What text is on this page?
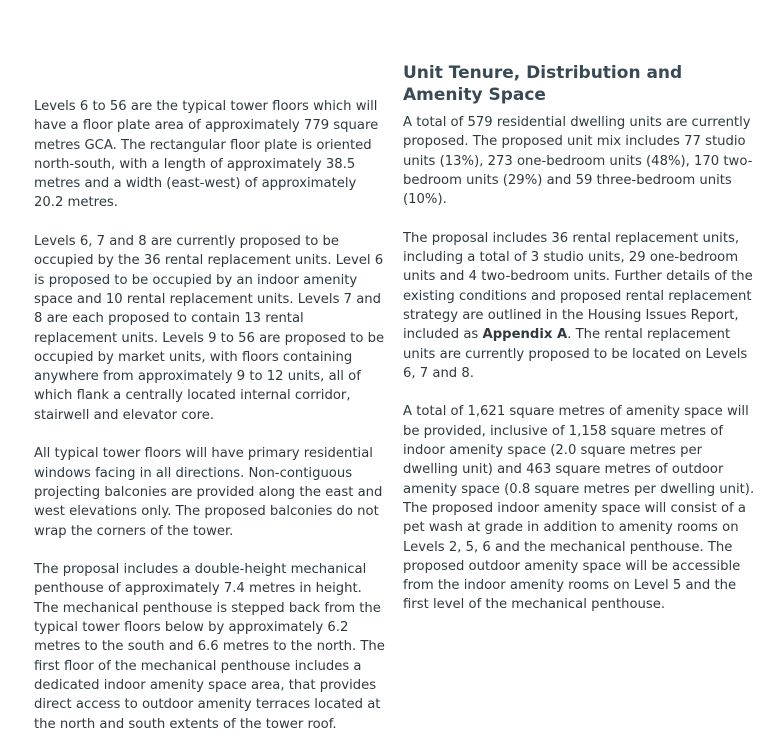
Levels 6 to 56 are the typical tower floors which will have a floor plate area of approximately 779 square metres GCA. The rectangular floor plate is oriented north-south, with a length of approximately 38.5 metres and a width (east-west) of approximately 20.2 metres.

Levels 6, 7 and 8 are currently proposed to be occupied by the 36 rental replacement units. Level 6 is proposed to be occupied by an indoor amenity space and 10 rental replacement units. Levels 7 and 8 are each proposed to contain 13 rental replacement units. Levels 9 to 56 are proposed to be occupied by market units, with floors containing anywhere from approximately 9 to 12 units, all of which flank a centrally located internal corridor, stairwell and elevator core.

All typical tower floors will have primary residential windows facing in all directions. Non-contiguous projecting balconies are provided along the east and west elevations only. The proposed balconies do not wrap the corners of the tower.

The proposal includes a double-height mechanical penthouse of approximately 7.4 metres in height. The mechanical penthouse is stepped back from the typical tower floors below by approximately 6.2 metres to the south and 6.6 metres to the north. The first floor of the mechanical penthouse includes a dedicated indoor amenity space area, that provides direct access to outdoor amenity terraces located at the north and south extents of the tower roof.

Unit Tenure, Distribution and Amenity Space

A total of 579 residential dwelling units are currently proposed. The proposed unit mix includes 77 studio units (13%), 273 one-bedroom units (48%), 170 two-bedroom units (29%) and 59 three-bedroom units (10%).

The proposal includes 36 rental replacement units, including a total of 3 studio units, 29 one-bedroom units and 4 two-bedroom units. Further details of the existing conditions and proposed rental replacement strategy are outlined in the Housing Issues Report, included as Appendix A. The rental replacement units are currently proposed to be located on Levels 6, 7 and 8.

A total of 1,621 square metres of amenity space will be provided, inclusive of 1,158 square metres of indoor amenity space (2.0 square metres per dwelling unit) and 463 square metres of outdoor amenity space (0.8 square metres per dwelling unit). The proposed indoor amenity space will consist of a pet wash at grade in addition to amenity rooms on Levels 2, 5, 6 and the mechanical penthouse. The proposed outdoor amenity space will be accessible from the indoor amenity rooms on Level 5 and the first level of the mechanical penthouse.
